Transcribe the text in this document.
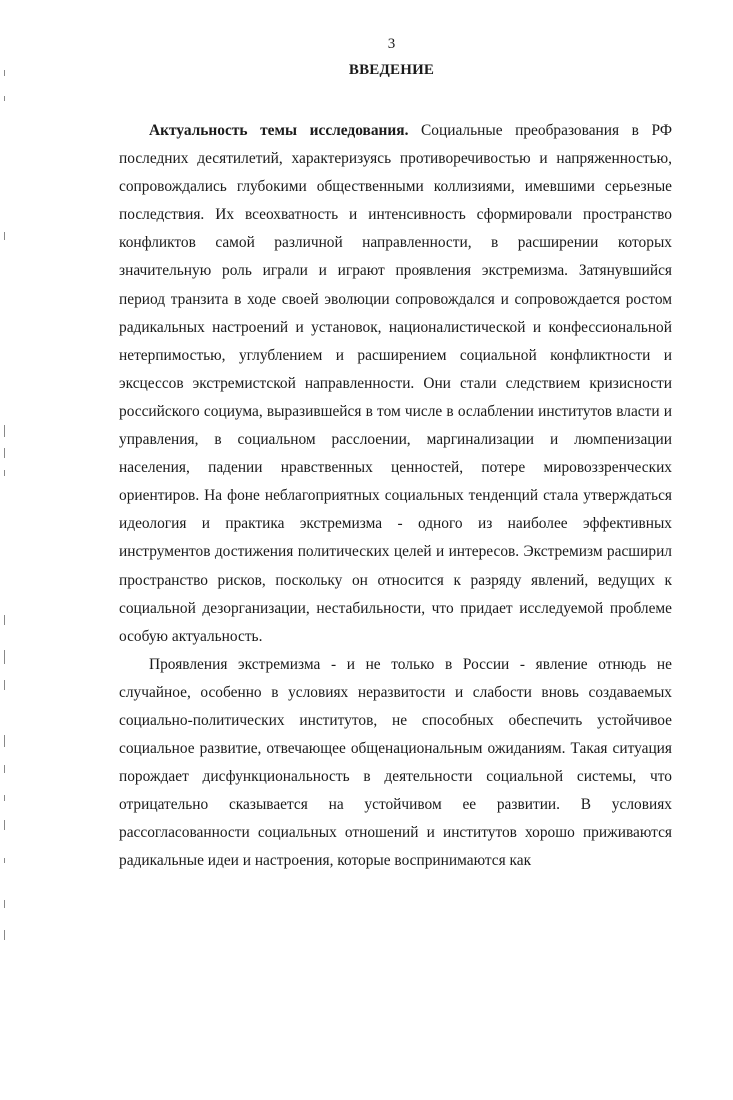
3
ВВЕДЕНИЕ

Актуальность темы исследования. Социальные преобразования в РФ последних десятилетий, характеризуясь противоречивостью и напряженностью, сопровождались глубокими общественными коллизиями, имевшими серьезные последствия. Их всеохватность и интенсивность сформировали пространство конфликтов самой различной направленности, в расширении которых значительную роль играли и играют проявления экстремизма. Затянувшийся период транзита в ходе своей эволюции сопровождался и сопровождается ростом радикальных настроений и установок, националистической и конфессиональной нетерпимостью, углублением и расширением социальной конфликтности и эксцессов экстремистской направленности. Они стали следствием кризисности российского социума, выразившейся в том числе в ослаблении институтов власти и управления, в социальном расслоении, маргинализации и люмпенизации населения, падении нравственных ценностей, потере мировоззренческих ориентиров. На фоне неблагоприятных социальных тенденций стала утверждаться идеология и практика экстремизма - одного из наиболее эффективных инструментов достижения политических целей и интересов. Экстремизм расширил пространство рисков, поскольку он относится к разряду явлений, ведущих к социальной дезорганизации, нестабильности, что придает исследуемой проблеме особую актуальность.

Проявления экстремизма - и не только в России - явление отнюдь не случайное, особенно в условиях неразвитости и слабости вновь создаваемых социально-политических институтов, не способных обеспечить устойчивое социальное развитие, отвечающее общенациональным ожиданиям. Такая ситуация порождает дисфункциональность в деятельности социальной системы, что отрицательно сказывается на устойчивом ее развитии. В условиях рассогласованности социальных отношений и институтов хорошо приживаются радикальные идеи и настроения, которые воспринимаются как
